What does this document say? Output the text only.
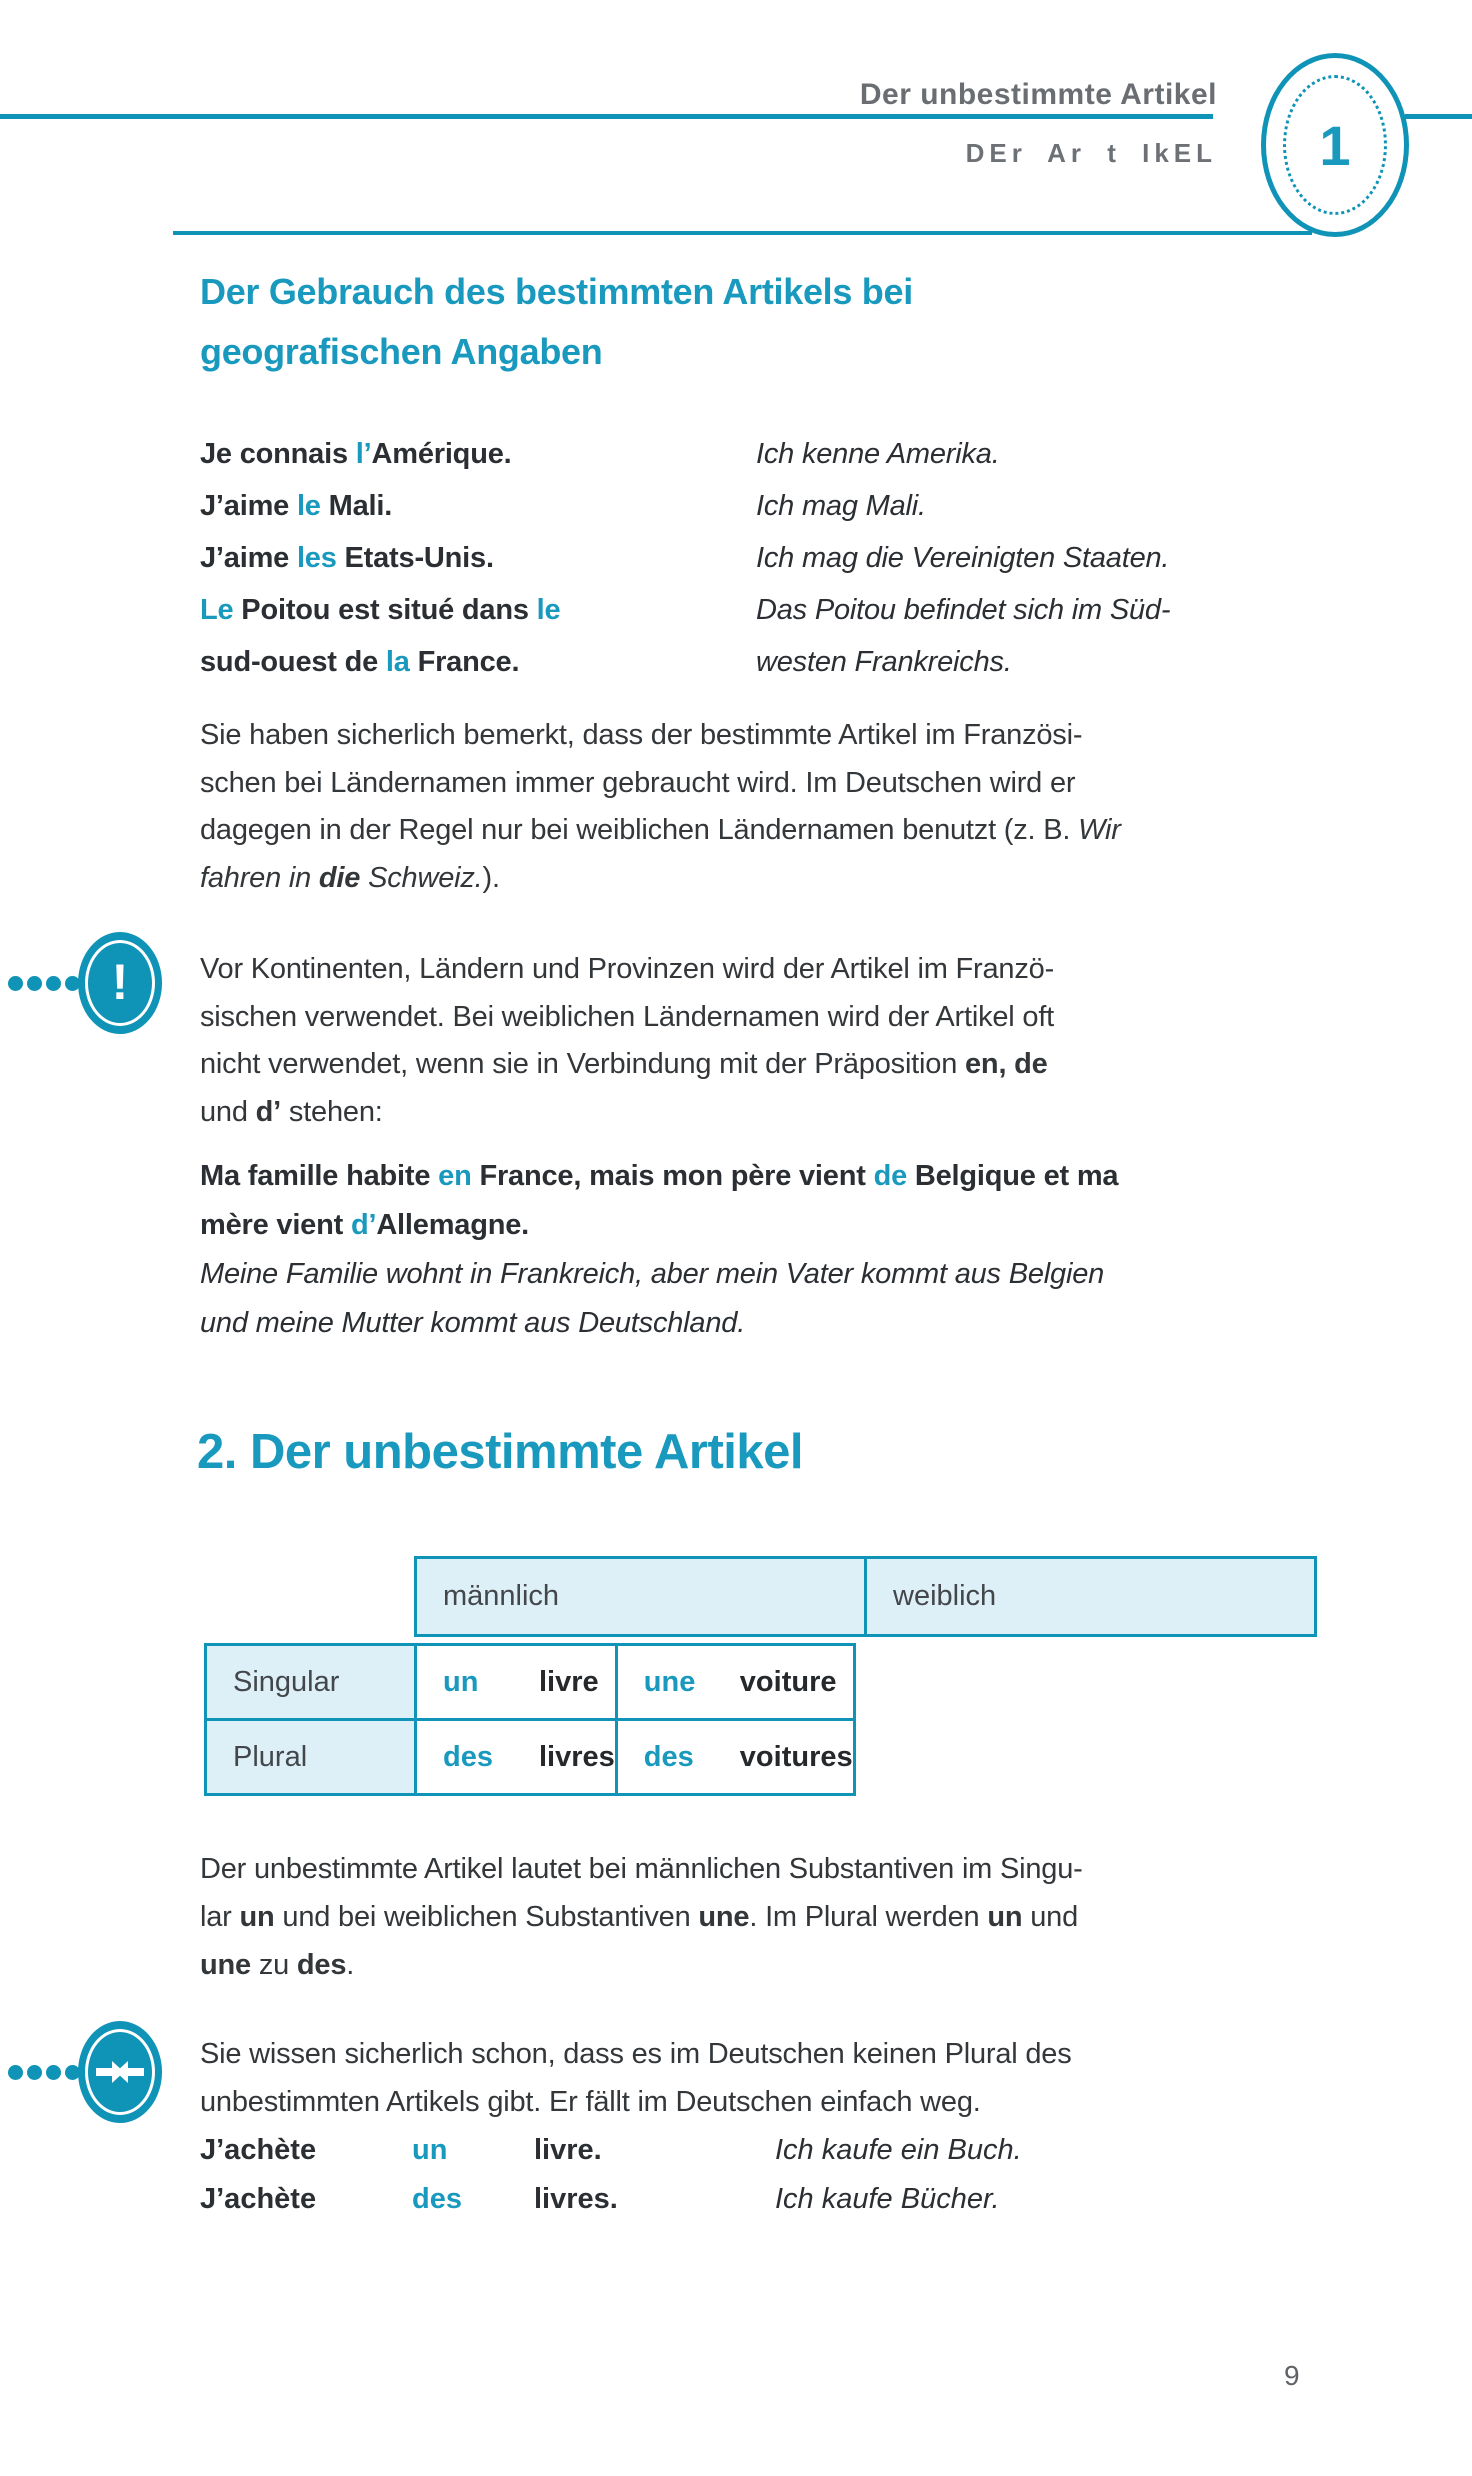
Der unbestimmte Artikel
DEr Ar t IkEL	1
Der Gebrauch des bestimmten Artikels bei
geografischen Angaben
Je connais l’Amérique.	Ich kenne Amerika.
J’aime le Mali.	Ich mag Mali.
J’aime les Etats-Unis.	Ich mag die Vereinigten Staaten.
Le Poitou est situé dans le	Das Poitou befindet sich im Süd-
sud-ouest de la France.	westen Frankreichs.
Sie haben sicherlich bemerkt, dass der bestimmte Artikel im Französi-
schen bei Ländernamen immer gebraucht wird. Im Deutschen wird er
dagegen in der Regel nur bei weiblichen Ländernamen benutzt (z. B. Wir
fahren in die Schweiz.).
! Vor Kontinenten, Ländern und Provinzen wird der Artikel im Franzö-
sischen verwendet. Bei weiblichen Ländernamen wird der Artikel oft
nicht verwendet, wenn sie in Verbindung mit der Präposition en, de
und d’ stehen:
Ma famille habite en France, mais mon père vient de Belgique et ma
mère vient d’Allemagne.
Meine Familie wohnt in Frankreich, aber mein Vater kommt aus Belgien
und meine Mutter kommt aus Deutschland.
2. Der unbestimmte Artikel
männlich	weiblich
Singular	un livre	une voiture
Plural	des livres	des voitures
Der unbestimmte Artikel lautet bei männlichen Substantiven im Singu-
lar un und bei weiblichen Substantiven une. Im Plural werden un und
une zu des.
Sie wissen sicherlich schon, dass es im Deutschen keinen Plural des
unbestimmten Artikels gibt. Er fällt im Deutschen einfach weg.
J’achète	un	livre.	Ich kaufe ein Buch.
J’achète	des	livres.	Ich kaufe Bücher.
9
